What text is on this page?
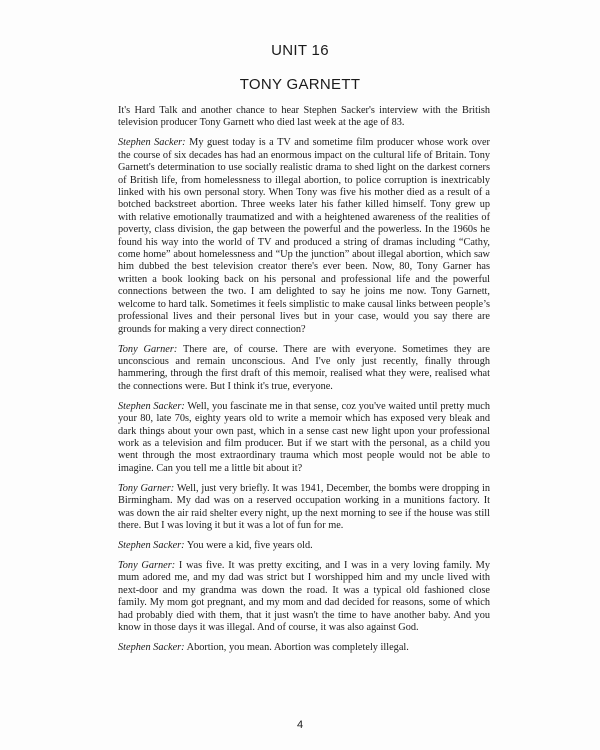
UNIT 16
TONY GARNETT

It's Hard Talk and another chance to hear Stephen Sacker's interview with the British television producer Tony Garnett who died last week at the age of 83.

Stephen Sacker: My guest today is a TV and sometime film producer whose work over the course of six decades has had an enormous impact on the cultural life of Britain. Tony Garnett's determination to use socially realistic drama to shed light on the darkest corners of British life, from homelessness to illegal abortion, to police corruption is inextricably linked with his own personal story. When Tony was five his mother died as a result of a botched backstreet abortion. Three weeks later his father killed himself. Tony grew up with relative emotionally traumatized and with a heightened awareness of the realities of poverty, class division, the gap between the powerful and the powerless. In the 1960s he found his way into the world of TV and produced a string of dramas including “Cathy, come home” about homelessness and “Up the junction” about illegal abortion, which saw him dubbed the best television creator there's ever been. Now, 80, Tony Garner has written a book looking back on his personal and professional life and the powerful connections between the two. I am delighted to say he joins me now. Tony Garnett, welcome to hard talk. Sometimes it feels simplistic to make causal links between people’s professional lives and their personal lives but in your case, would you say there are grounds for making a very direct connection?

Tony Garner: There are, of course. There are with everyone. Sometimes they are unconscious and remain unconscious. And I've only just recently, finally through hammering, through the first draft of this memoir, realised what they were, realised what the connections were. But I think it's true, everyone.

Stephen Sacker: Well, you fascinate me in that sense, coz you've waited until pretty much your 80, late 70s, eighty years old to write a memoir which has exposed very bleak and dark things about your own past, which in a sense cast new light upon your professional work as a television and film producer. But if we start with the personal, as a child you went through the most extraordinary trauma which most people would not be able to imagine. Can you tell me a little bit about it?

Tony Garner: Well, just very briefly. It was 1941, December, the bombs were dropping in Birmingham. My dad was on a reserved occupation working in a munitions factory. It was down the air raid shelter every night, up the next morning to see if the house was still there. But I was loving it but it was a lot of fun for me.

Stephen Sacker: You were a kid, five years old.

Tony Garner: I was five. It was pretty exciting, and I was in a very loving family. My mum adored me, and my dad was strict but I worshipped him and my uncle lived with next-door and my grandma was down the road. It was a typical old fashioned close family. My mom got pregnant, and my mom and dad decided for reasons, some of which had probably died with them, that it just wasn't the time to have another baby. And you know in those days it was illegal. And of course, it was also against God.

Stephen Sacker: Abortion, you mean. Abortion was completely illegal.

4
